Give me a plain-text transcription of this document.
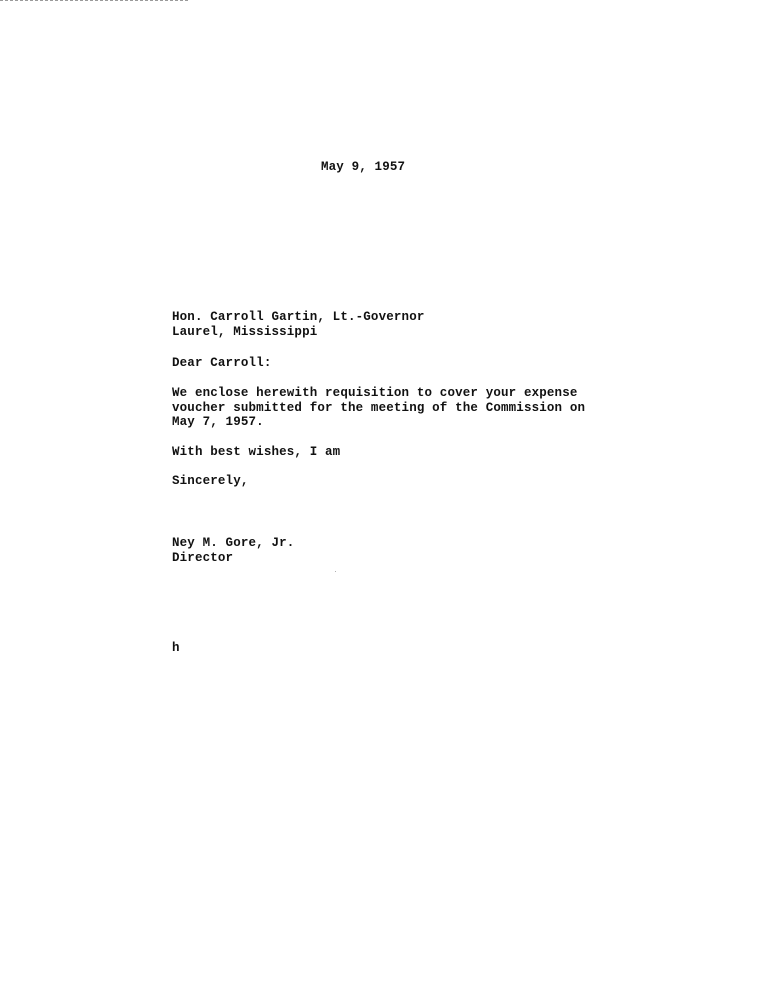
May 9, 1957
Hon. Carroll Gartin, Lt.-Governor
Laurel, Mississippi
Dear Carroll:
We enclose herewith requisition to cover your expense
voucher submitted for the meeting of the Commission on
May 7, 1957.
With best wishes, I am
Sincerely,
Ney M. Gore, Jr.
Director
h
